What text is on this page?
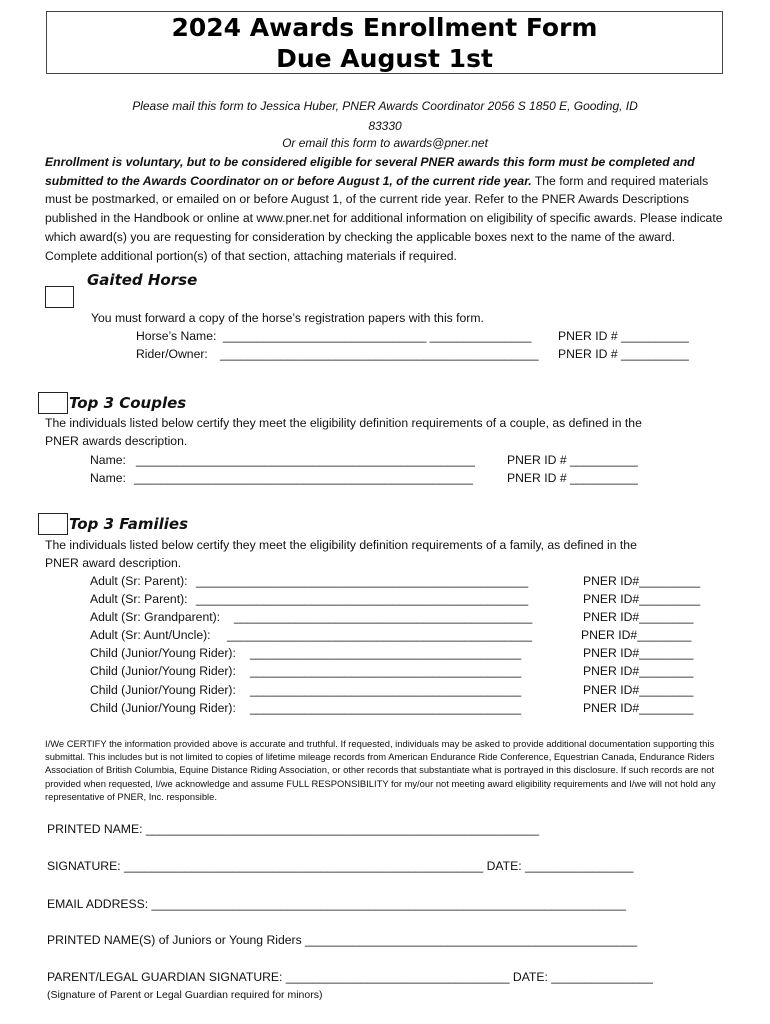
2024 Awards Enrollment Form
Due August 1st
Please mail this form to Jessica Huber, PNER Awards Coordinator 2056 S 1850 E, Gooding, ID
83330
Or email this form to awards@pner.net
Enrollment is voluntary, but to be considered eligible for several PNER awards this form must be completed and submitted to the Awards Coordinator on or before August 1, of the current ride year. The form and required materials must be postmarked, or emailed on or before August 1, of the current ride year. Refer to the PNER Awards Descriptions published in the Handbook or online at www.pner.net for additional information on eligibility of specific awards. Please indicate which award(s) you are requesting for consideration by checking the applicable boxes next to the name of the award. Complete additional portion(s) of that section, attaching materials if required.
Gaited Horse
You must forward a copy of the horse’s registration papers with this form.
Horse’s Name: ______________________________ _______________ PNER ID # __________
Rider/Owner: _______________________________________________ PNER ID # __________
Top 3 Couples
The individuals listed below certify they meet the eligibility definition requirements of a couple, as defined in the
PNER awards description.
Name: __________________________________________________	PNER ID # __________
Name: __________________________________________________	PNER ID # __________
Top 3 Families
The individuals listed below certify they meet the eligibility definition requirements of a family, as defined in the
PNER award description.
Adult (Sr: Parent): _________________________________________________	PNER ID#_________
Adult (Sr: Parent): _________________________________________________	PNER ID#_________
Adult (Sr: Grandparent): ____________________________________________	PNER ID#________
Adult (Sr: Aunt/Uncle): _____________________________________________	PNER ID#________
Child (Junior/Young Rider): ________________________________________	PNER ID#________
Child (Junior/Young Rider): ________________________________________	PNER ID#________
Child (Junior/Young Rider): ________________________________________	PNER ID#________
Child (Junior/Young Rider): ________________________________________	PNER ID#________
I/We CERTIFY the information provided above is accurate and truthful. If requested, individuals may be asked to provide additional documentation supporting this submittal. This includes but is not limited to copies of lifetime mileage records from American Endurance Ride Conference, Equestrian Canada, Endurance Riders Association of British Columbia, Equine Distance Riding Association, or other records that substantiate what is portrayed in this disclosure. If such records are not provided when requested, I/we acknowledge and assume FULL RESPONSIBILITY for my/our not meeting award eligibility requirements and I/we will not hold any representative of PNER, Inc. responsible.
PRINTED NAME: __________________________________________________________
SIGNATURE: _____________________________________________________ DATE: ________________
EMAIL ADDRESS: ______________________________________________________________________
PRINTED NAME(S) of Juniors or Young Riders _________________________________________________
PARENT/LEGAL GUARDIAN SIGNATURE: _________________________________ DATE: _______________
(Signature of Parent or Legal Guardian required for minors)
